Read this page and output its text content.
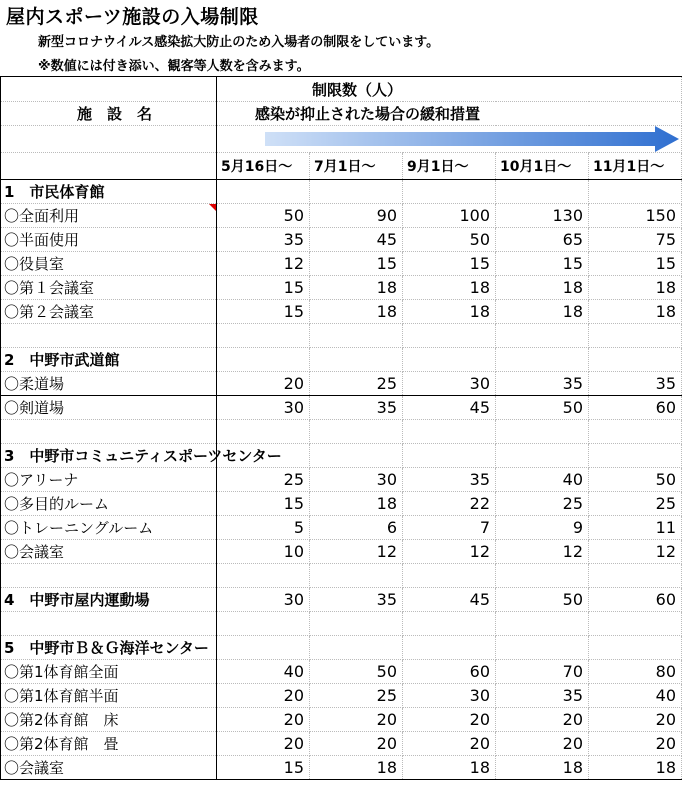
屋内スポーツ施設の入場制限
新型コロナウイルス感染拡大防止のため入場者の制限をしています。
※数値には付き添い、観客等人数を含みます。
	制限数（人）				
施　設　名	感染が抑止された場合の緩和措置				

	5月16日～	7月1日～	9月1日～	10月1日～	11月1日～
1　市民体育館					
〇全面利用	50	90	100	130	150
〇半面使用	35	45	50	65	75
〇役員室	12	15	15	15	15
〇第１会議室	15	18	18	18	18
〇第２会議室	15	18	18	18	18

2　中野市武道館					
〇柔道場	20	25	30	35	35
〇剣道場	30	35	45	50	60

3　中野市コミュニティスポーツセンター					
〇アリーナ	25	30	35	40	50
〇多目的ルーム	15	18	22	25	25
〇トレーニングルーム	5	6	7	9	11
〇会議室	10	12	12	12	12

4　中野市屋内運動場	30	35	45	50	60

5　中野市Ｂ＆Ｇ海洋センター					
〇第1体育館全面	40	50	60	70	80
〇第1体育館半面	20	25	30	35	40
〇第2体育館　床	20	20	20	20	20
〇第2体育館　畳	20	20	20	20	20
〇会議室	15	18	18	18	18
